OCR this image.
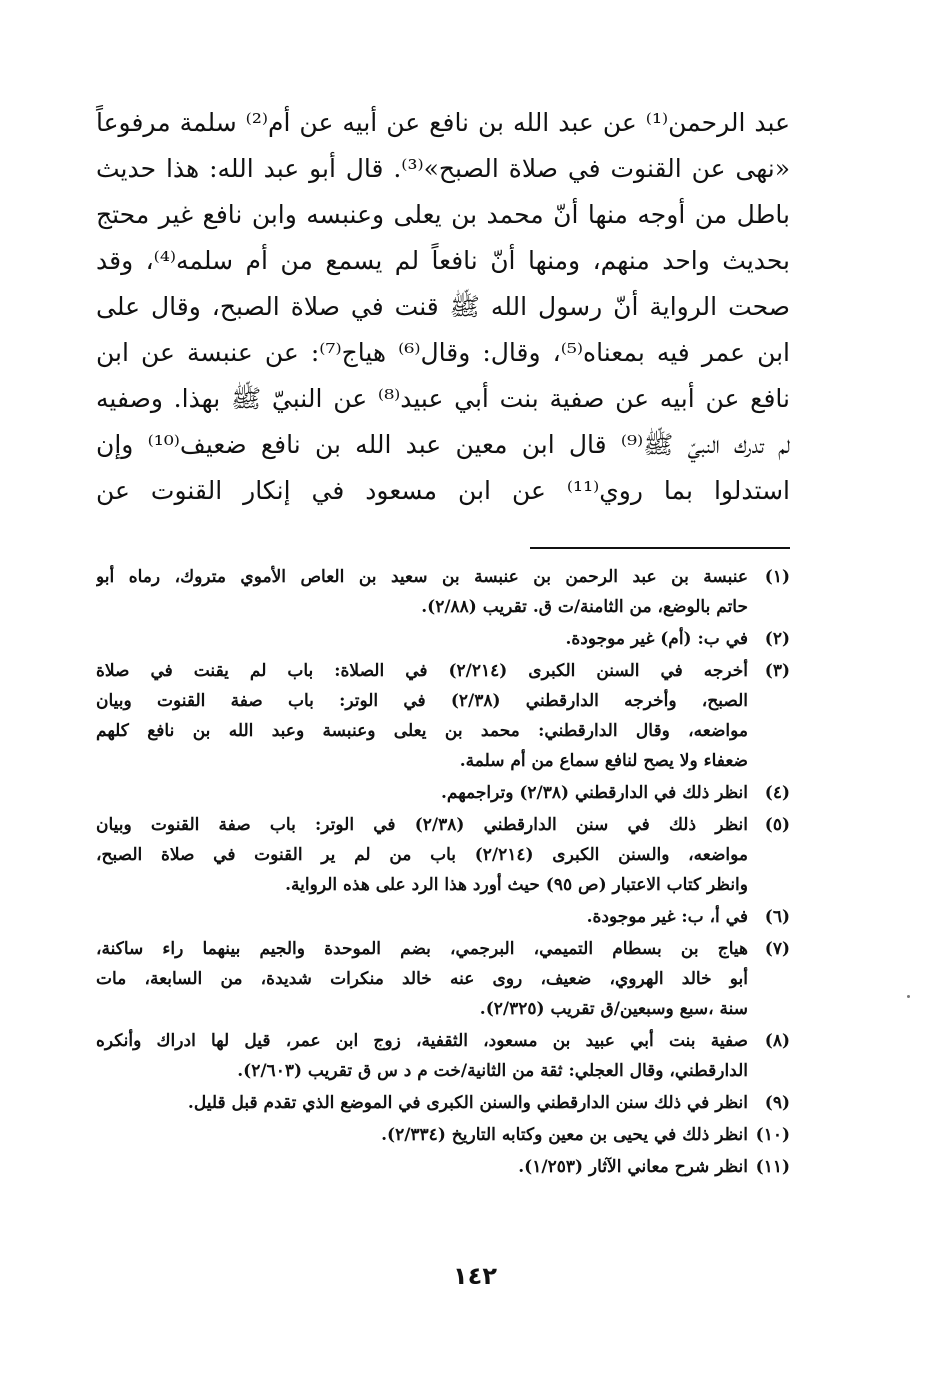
عبد الرحمن⁽¹⁾ عن عبد الله بن نافع عن أبيه عن أم⁽²⁾ سلمة مرفوعاً
«نهى عن القنوت في صلاة الصبح»⁽³⁾. قال أبو عبد الله: هذا حديث
باطل من أوجه منها أنّ محمد بن يعلى وعنبسه وابن نافع غير محتج
بحديث واحد منهم، ومنها أنّ نافعاً لم يسمع من أم سلمه⁽⁴⁾، وقد
صحت الرواية أنّ رسول الله ﷺ قنت في صلاة الصبح، وقال على
ابن عمر فيه بمعناه⁽⁵⁾، وقال: وقال⁽⁶⁾ هياج⁽⁷⁾: عن عنبسة عن ابن
نافع عن أبيه عن صفية بنت أبي عبيد⁽⁸⁾ عن النبيّ ﷺ بهذا. وصفيه
لم تدرك النبيّ ﷺ⁽⁹⁾ قال ابن معين عبد الله بن نافع ضعيف⁽¹⁰⁾ وإن
استدلوا بما روي⁽¹¹⁾ عن ابن مسعود في إنكار القنوت عن
(١)
عنبسة بن عبد الرحمن بن عنبسة بن سعيد بن العاص الأموي متروك، رماه أبو
حاتم بالوضع، من الثامنة/ت ق. تقريب (٢/٨٨).
(٢)
في ب: (أم) غير موجودة.
(٣)
أخرجه في السنن الكبرى (٢/٢١٤) في الصلاة: باب لم يقنت في صلاة
الصبح، وأخرجه الدارقطني (٢/٣٨) في الوتر: باب صفة القنوت وبيان
مواضعه، وقال الدارقطني: محمد بن يعلى وعنبسة وعبد الله بن نافع كلهم
ضعفاء ولا يصح لنافع سماع من أم سلمة.
(٤)
انظر ذلك في الدارقطني (٢/٣٨) وتراجمهم.
(٥)
انظر ذلك في سنن الدارقطني (٢/٣٨) في الوتر: باب صفة القنوت وبيان
مواضعه، والسنن الكبرى (٢/٢١٤) باب من لم ير القنوت في صلاة الصبح،
وانظر كتاب الاعتبار (ص ٩٥) حيث أورد هذا الرد على هذه الرواية.
(٦)
في أ، ب: غير موجودة.
(٧)
هياج بن بسطام التميمي، البرجمي، بضم الموحدة والجيم بينهما راء ساكنة،
أبو خالد الهروي، ضعيف، روى عنه خالد منكرات شديدة، من السابعة، مات
سنة ،سبع وسبعين/ق تقريب (٢/٣٢٥).
(٨)
صفية بنت أبي عبيد بن مسعود، الثقفية، زوج ابن عمر، قيل لها ادراك وأنكره
الدارقطني، وقال العجلي: ثقة من الثانية/خت م د س ق تقريب (٢/٦٠٣).
(٩)
انظر في ذلك سنن الدارقطني والسنن الكبرى في الموضع الذي تقدم قبل قليل.
(١٠)
انظر ذلك في يحيى بن معين وكتابه التاريخ (٢/٣٣٤).
(١١)
انظر شرح معاني الآثار (١/٢٥٣).
١٤٢
